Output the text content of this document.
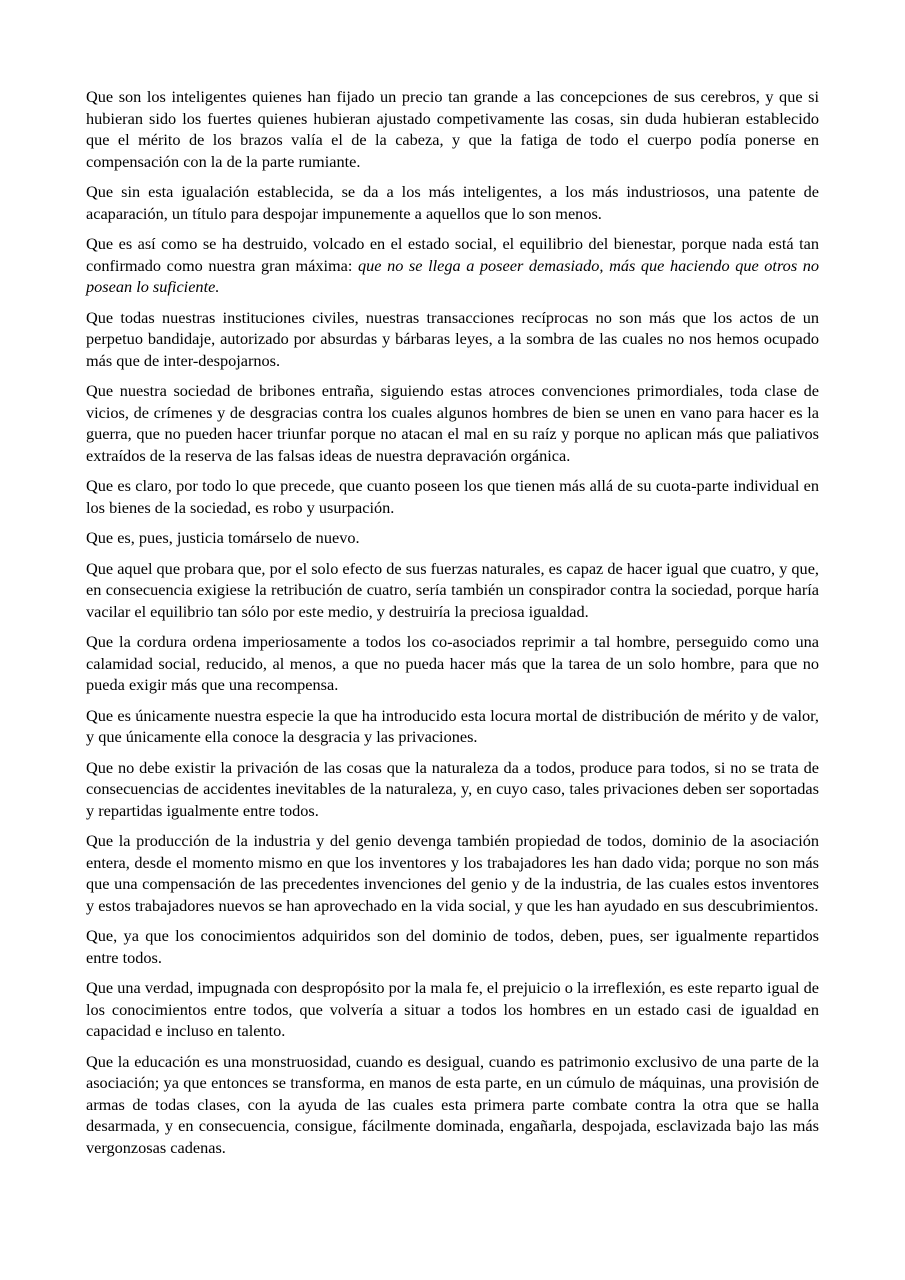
Que son los inteligentes quienes han fijado un precio tan grande a las concepciones de sus cerebros, y que si hubieran sido los fuertes quienes hubieran ajustado competivamente las cosas, sin duda hubieran establecido que el mérito de los brazos valía el de la cabeza, y que la fatiga de todo el cuerpo podía ponerse en compensación con la de la parte rumiante.

Que sin esta igualación establecida, se da a los más inteligentes, a los más industriosos, una patente de acaparación, un título para despojar impunemente a aquellos que lo son menos.

Que es así como se ha destruido, volcado en el estado social, el equilibrio del bienestar, porque nada está tan confirmado como nuestra gran máxima: que no se llega a poseer demasiado, más que haciendo que otros no posean lo suficiente.

Que todas nuestras instituciones civiles, nuestras transacciones recíprocas no son más que los actos de un perpetuo bandidaje, autorizado por absurdas y bárbaras leyes, a la sombra de las cuales no nos hemos ocupado más que de inter-despojarnos.

Que nuestra sociedad de bribones entraña, siguiendo estas atroces convenciones primordiales, toda clase de vicios, de crímenes y de desgracias contra los cuales algunos hombres de bien se unen en vano para hacer es la guerra, que no pueden hacer triunfar porque no atacan el mal en su raíz y porque no aplican más que paliativos extraídos de la reserva de las falsas ideas de nuestra depravación orgánica.

Que es claro, por todo lo que precede, que cuanto poseen los que tienen más allá de su cuota-parte individual en los bienes de la sociedad, es robo y usurpación.

Que es, pues, justicia tomárselo de nuevo.

Que aquel que probara que, por el solo efecto de sus fuerzas naturales, es capaz de hacer igual que cuatro, y que, en consecuencia exigiese la retribución de cuatro, sería también un conspirador contra la sociedad, porque haría vacilar el equilibrio tan sólo por este medio, y destruiría la preciosa igualdad.

Que la cordura ordena imperiosamente a todos los co-asociados reprimir a tal hombre, perseguido como una calamidad social, reducido, al menos, a que no pueda hacer más que la tarea de un solo hombre, para que no pueda exigir más que una recompensa.

Que es únicamente nuestra especie la que ha introducido esta locura mortal de distribución de mérito y de valor, y que únicamente ella conoce la desgracia y las privaciones.

Que no debe existir la privación de las cosas que la naturaleza da a todos, produce para todos, si no se trata de consecuencias de accidentes inevitables de la naturaleza, y, en cuyo caso, tales privaciones deben ser soportadas y repartidas igualmente entre todos.

Que la producción de la industria y del genio devenga también propiedad de todos, dominio de la asociación entera, desde el momento mismo en que los inventores y los trabajadores les han dado vida; porque no son más que una compensación de las precedentes invenciones del genio y de la industria, de las cuales estos inventores y estos trabajadores nuevos se han aprovechado en la vida social, y que les han ayudado en sus descubrimientos.

Que, ya que los conocimientos adquiridos son del dominio de todos, deben, pues, ser igualmente repartidos entre todos.

Que una verdad, impugnada con despropósito por la mala fe, el prejuicio o la irreflexión, es este reparto igual de los conocimientos entre todos, que volvería a situar a todos los hombres en un estado casi de igualdad en capacidad e incluso en talento.

Que la educación es una monstruosidad, cuando es desigual, cuando es patrimonio exclusivo de una parte de la asociación; ya que entonces se transforma, en manos de esta parte, en un cúmulo de máquinas, una provisión de armas de todas clases, con la ayuda de las cuales esta primera parte combate contra la otra que se halla desarmada, y en consecuencia, consigue, fácilmente dominada, engañarla, despojada, esclavizada bajo las más vergonzosas cadenas.
